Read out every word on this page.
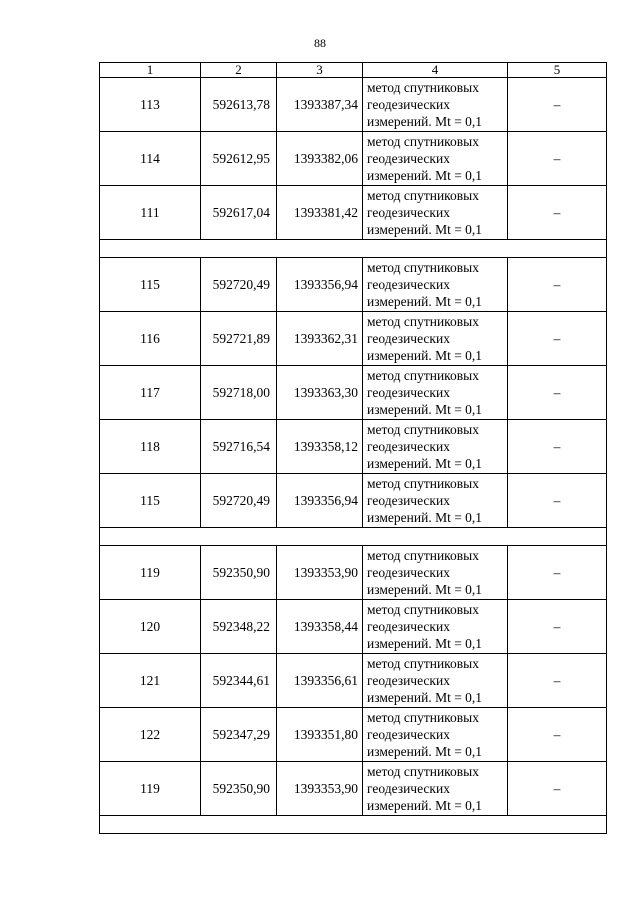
88
1	2	3	4	5
113	592613,78	1393387,34	метод спутниковых
геодезических
измерений. Mt = 0,1	–
114	592612,95	1393382,06	метод спутниковых
геодезических
измерений. Mt = 0,1	–
111	592617,04	1393381,42	метод спутниковых
геодезических
измерений. Mt = 0,1	–

115	592720,49	1393356,94	метод спутниковых
геодезических
измерений. Mt = 0,1	–
116	592721,89	1393362,31	метод спутниковых
геодезических
измерений. Mt = 0,1	–
117	592718,00	1393363,30	метод спутниковых
геодезических
измерений. Mt = 0,1	–
118	592716,54	1393358,12	метод спутниковых
геодезических
измерений. Mt = 0,1	–
115	592720,49	1393356,94	метод спутниковых
геодезических
измерений. Mt = 0,1	–

119	592350,90	1393353,90	метод спутниковых
геодезических
измерений. Mt = 0,1	–
120	592348,22	1393358,44	метод спутниковых
геодезических
измерений. Mt = 0,1	–
121	592344,61	1393356,61	метод спутниковых
геодезических
измерений. Mt = 0,1	–
122	592347,29	1393351,80	метод спутниковых
геодезических
измерений. Mt = 0,1	–
119	592350,90	1393353,90	метод спутниковых
геодезических
измерений. Mt = 0,1	–
